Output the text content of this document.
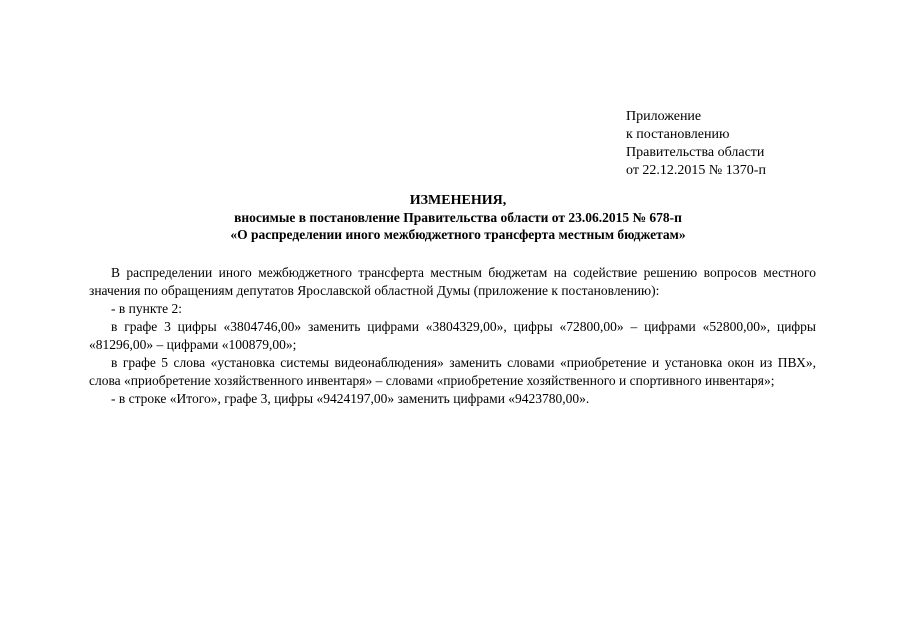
Приложение
к постановлению
Правительства области
от 22.12.2015 № 1370-п
ИЗМЕНЕНИЯ,
вносимые в постановление Правительства области от 23.06.2015 № 678-п
«О распределении иного межбюджетного трансферта местным бюджетам»

В распределении иного межбюджетного трансферта местным бюджетам на содействие решению вопросов местного значения по обращениям депутатов Ярославской областной Думы (приложение к постановлению):

- в пункте 2:

в графе 3 цифры «3804746,00» заменить цифрами «3804329,00», цифры «72800,00» – цифрами «52800,00», цифры «81296,00» – цифрами «100879,00»;

в графе 5 слова «установка системы видеонаблюдения» заменить словами «приобретение и установка окон из ПВХ», слова «приобретение хозяйственного инвентаря» – словами «приобретение хозяйственного и спортивного инвентаря»;

- в строке «Итого», графе 3, цифры «9424197,00» заменить цифрами «9423780,00».
